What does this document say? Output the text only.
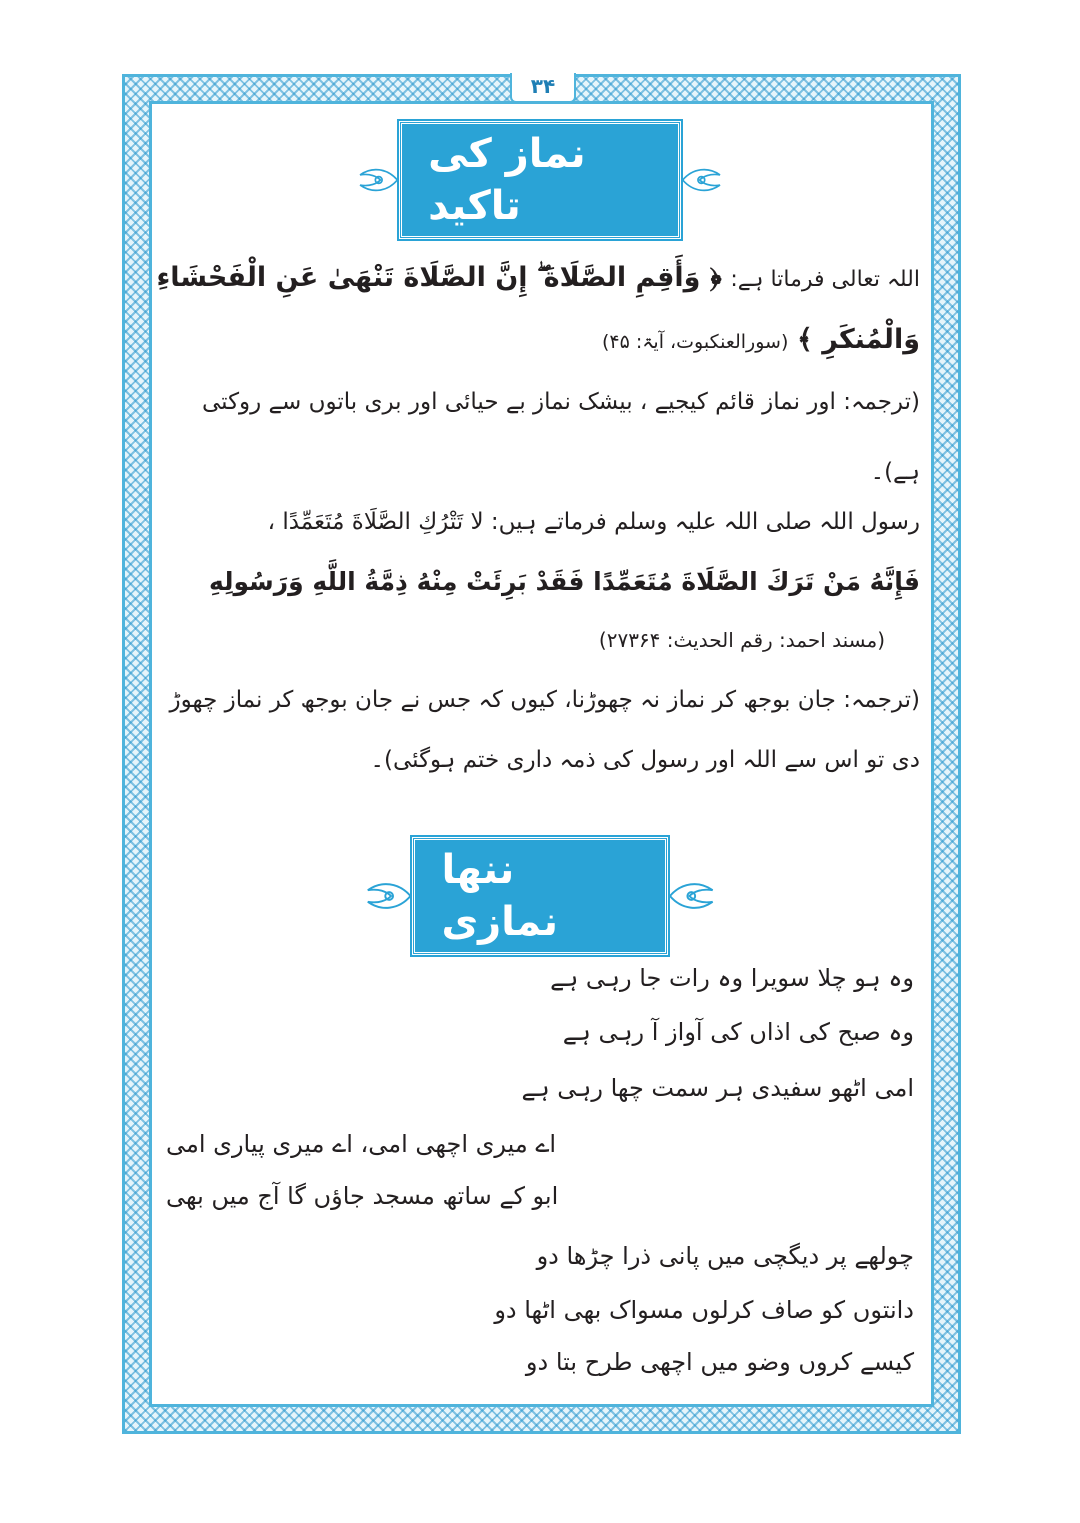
۳۴
نماز کی تاکید
اللہ تعالی فرماتا ہے: ﴿ وَأَقِمِ الصَّلَاةَ ۖ إِنَّ الصَّلَاةَ تَنْهَىٰ عَنِ الْفَحْشَاءِ
وَالْمُنكَرِ ﴾ (سورالعنکبوت، آیۃ: ۴۵)
(ترجمہ: اور نماز قائم کیجیے ، بیشک نماز بے حیائی اور بری باتوں سے روکتی
ہے)۔
رسول اللہ صلی اللہ علیہ وسلم فرماتے ہیں: لا تَتْرُكِ الصَّلَاةَ مُتَعَمِّدًا ،
فَإِنَّهُ مَنْ تَرَكَ الصَّلَاةَ مُتَعَمِّدًا فَقَدْ بَرِئَتْ مِنْهُ ذِمَّةُ اللَّهِ وَرَسُولِهِ
(مسند احمد: رقم الحدیث: ۲۷۳۶۴)
(ترجمہ: جان بوجھ کر نماز نہ چھوڑنا، کیوں کہ جس نے جان بوجھ کر نماز چھوڑ
دی تو اس سے اللہ اور رسول کی ذمہ داری ختم ہوگئی)۔
ننھا نمازی
وہ ہو چلا سویرا وہ رات جا رہی ہے
وہ صبح کی اذاں کی آواز آ رہی ہے
امی اٹھو سفیدی ہر سمت چھا رہی ہے
اے میری اچھی امی، اے میری پیاری امی
ابو کے ساتھ مسجد جاؤں گا آج میں بھی
چولھے پر دیگچی میں پانی ذرا چڑھا دو
دانتوں کو صاف کرلوں مسواک بھی اٹھا دو
کیسے کروں وضو میں اچھی طرح بتا دو
